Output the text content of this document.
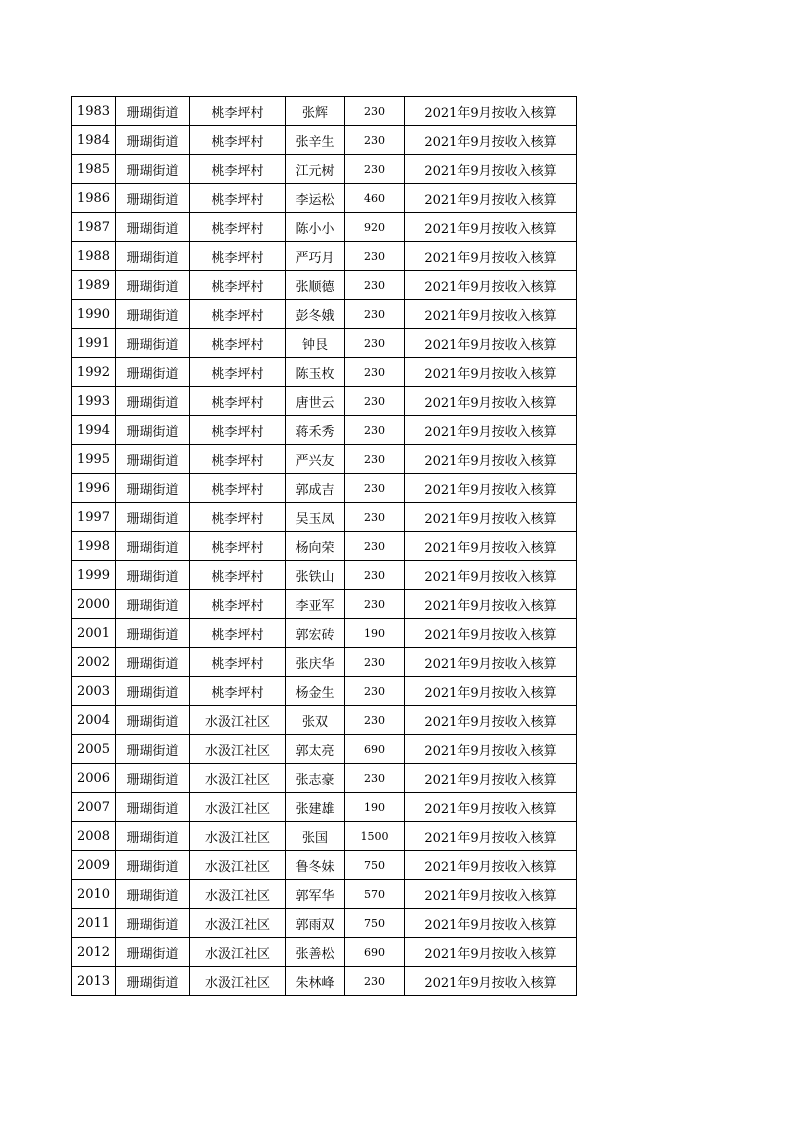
1983	珊瑚街道	桃李坪村	张辉	230	2021年9月按收入核算
1984	珊瑚街道	桃李坪村	张辛生	230	2021年9月按收入核算
1985	珊瑚街道	桃李坪村	江元树	230	2021年9月按收入核算
1986	珊瑚街道	桃李坪村	李运松	460	2021年9月按收入核算
1987	珊瑚街道	桃李坪村	陈小小	920	2021年9月按收入核算
1988	珊瑚街道	桃李坪村	严巧月	230	2021年9月按收入核算
1989	珊瑚街道	桃李坪村	张顺德	230	2021年9月按收入核算
1990	珊瑚街道	桃李坪村	彭冬娥	230	2021年9月按收入核算
1991	珊瑚街道	桃李坪村	钟艮	230	2021年9月按收入核算
1992	珊瑚街道	桃李坪村	陈玉枚	230	2021年9月按收入核算
1993	珊瑚街道	桃李坪村	唐世云	230	2021年9月按收入核算
1994	珊瑚街道	桃李坪村	蒋禾秀	230	2021年9月按收入核算
1995	珊瑚街道	桃李坪村	严兴友	230	2021年9月按收入核算
1996	珊瑚街道	桃李坪村	郭成吉	230	2021年9月按收入核算
1997	珊瑚街道	桃李坪村	吴玉凤	230	2021年9月按收入核算
1998	珊瑚街道	桃李坪村	杨向荣	230	2021年9月按收入核算
1999	珊瑚街道	桃李坪村	张铁山	230	2021年9月按收入核算
2000	珊瑚街道	桃李坪村	李亚军	230	2021年9月按收入核算
2001	珊瑚街道	桃李坪村	郭宏砖	190	2021年9月按收入核算
2002	珊瑚街道	桃李坪村	张庆华	230	2021年9月按收入核算
2003	珊瑚街道	桃李坪村	杨金生	230	2021年9月按收入核算
2004	珊瑚街道	水汲江社区	张双	230	2021年9月按收入核算
2005	珊瑚街道	水汲江社区	郭太亮	690	2021年9月按收入核算
2006	珊瑚街道	水汲江社区	张志豪	230	2021年9月按收入核算
2007	珊瑚街道	水汲江社区	张建雄	190	2021年9月按收入核算
2008	珊瑚街道	水汲江社区	张国	1500	2021年9月按收入核算
2009	珊瑚街道	水汲江社区	鲁冬妹	750	2021年9月按收入核算
2010	珊瑚街道	水汲江社区	郭军华	570	2021年9月按收入核算
2011	珊瑚街道	水汲江社区	郭雨双	750	2021年9月按收入核算
2012	珊瑚街道	水汲江社区	张善松	690	2021年9月按收入核算
2013	珊瑚街道	水汲江社区	朱林峰	230	2021年9月按收入核算
